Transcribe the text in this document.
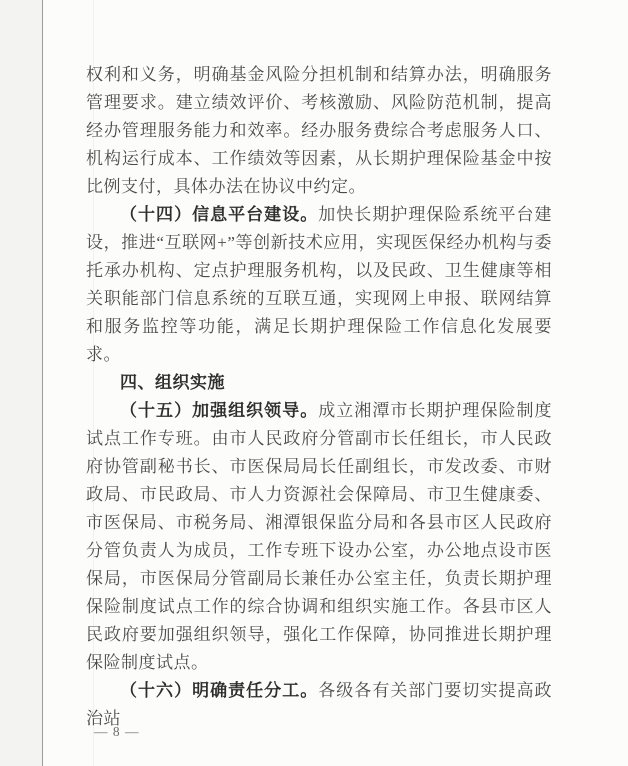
权利和义务，明确基金风险分担机制和结算办法，明确服务管理要求。建立绩效评价、考核激励、风险防范机制，提高经办管理服务能力和效率。经办服务费综合考虑服务人口、机构运行成本、工作绩效等因素，从长期护理保险基金中按比例支付，具体办法在协议中约定。

（十四）信息平台建设。加快长期护理保险系统平台建设，推进“互联网+”等创新技术应用，实现医保经办机构与委托承办机构、定点护理服务机构，以及民政、卫生健康等相关职能部门信息系统的互联互通，实现网上申报、联网结算和服务监控等功能，满足长期护理保险工作信息化发展要求。

四、组织实施

（十五）加强组织领导。成立湘潭市长期护理保险制度试点工作专班。由市人民政府分管副市长任组长，市人民政府协管副秘书长、市医保局局长任副组长，市发改委、市财政局、市民政局、市人力资源社会保障局、市卫生健康委、市医保局、市税务局、湘潭银保监分局和各县市区人民政府分管负责人为成员，工作专班下设办公室，办公地点设市医保局，市医保局分管副局长兼任办公室主任，负责长期护理保险制度试点工作的综合协调和组织实施工作。各县市区人民政府要加强组织领导，强化工作保障，协同推进长期护理保险制度试点。

（十六）明确责任分工。各级各有关部门要切实提高政治站

— 8 —
